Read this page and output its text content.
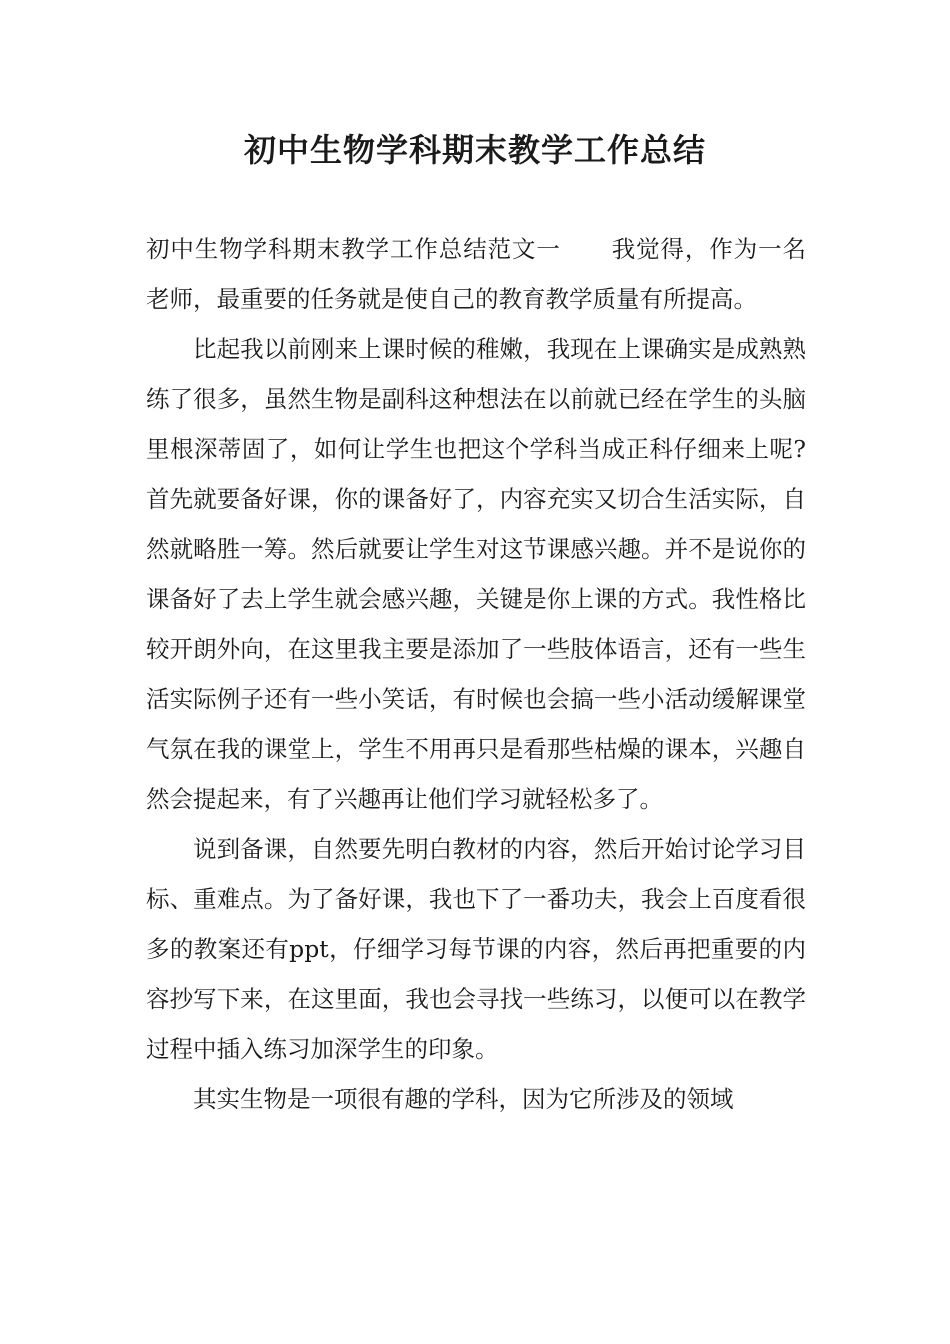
初中生物学科期末教学工作总结

初中生物学科期末教学工作总结范文一 我觉得，作为一名老师，最重要的任务就是使自己的教育教学质量有所提高。

比起我以前刚来上课时候的稚嫩，我现在上课确实是成熟熟练了很多，虽然生物是副科这种想法在以前就已经在学生的头脑里根深蒂固了，如何让学生也把这个学科当成正科仔细来上呢?首先就要备好课，你的课备好了，内容充实又切合生活实际，自然就略胜一筹。然后就要让学生对这节课感兴趣。并不是说你的课备好了去上学生就会感兴趣，关键是你上课的方式。我性格比较开朗外向，在这里我主要是添加了一些肢体语言，还有一些生活实际例子还有一些小笑话，有时候也会搞一些小活动缓解课堂气氛在我的课堂上，学生不用再只是看那些枯燥的课本，兴趣自然会提起来，有了兴趣再让他们学习就轻松多了。

说到备课，自然要先明白教材的内容，然后开始讨论学习目标、重难点。为了备好课，我也下了一番功夫，我会上百度看很多的教案还有ppt，仔细学习每节课的内容，然后再把重要的内容抄写下来，在这里面，我也会寻找一些练习，以便可以在教学过程中插入练习加深学生的印象。

其实生物是一项很有趣的学科，因为它所涉及的领域
